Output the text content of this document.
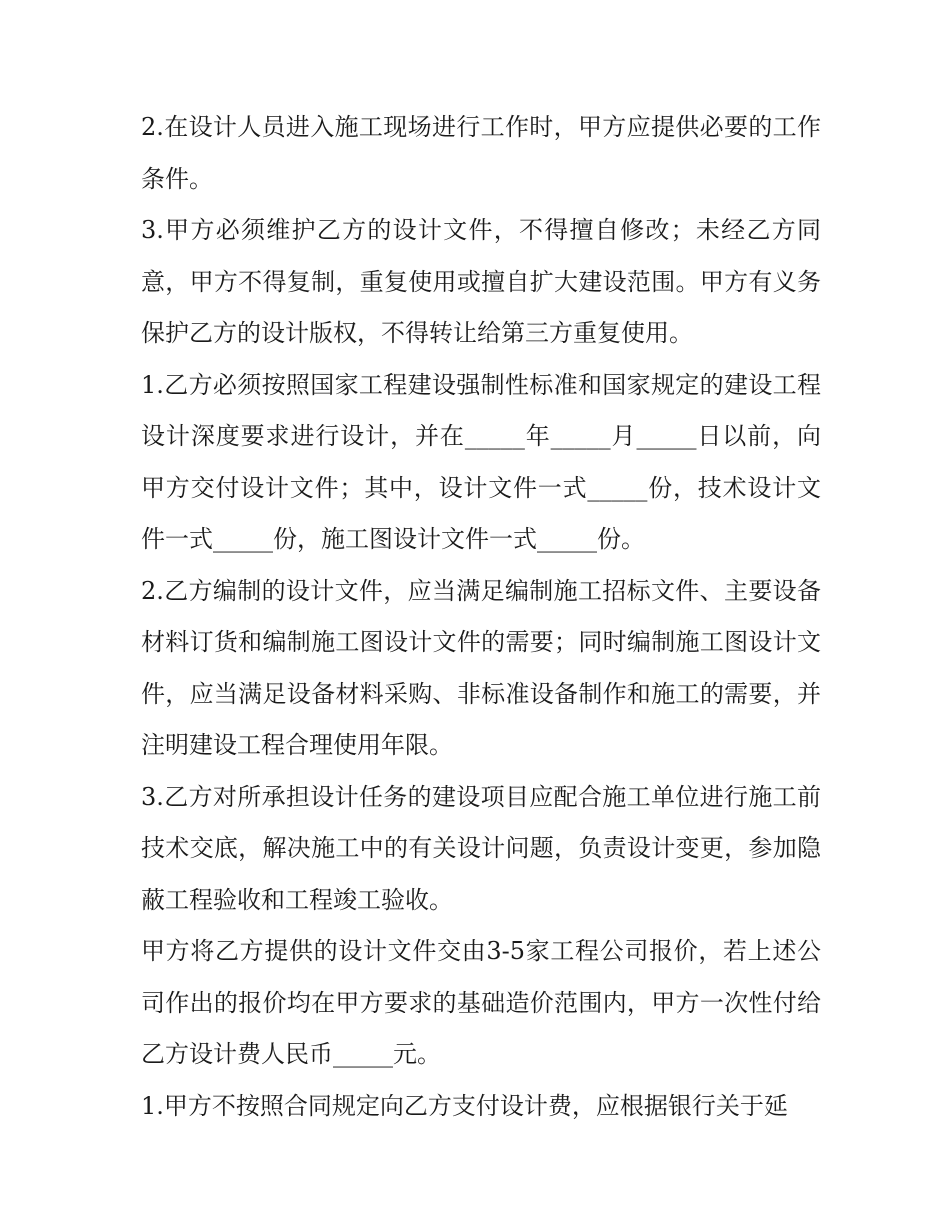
2.在设计人员进入施工现场进行工作时，甲方应提供必要的工作条件。

3.甲方必须维护乙方的设计文件，不得擅自修改；未经乙方同意，甲方不得复制，重复使用或擅自扩大建设范围。甲方有义务保护乙方的设计版权，不得转让给第三方重复使用。

1.乙方必须按照国家工程建设强制性标准和国家规定的建设工程设计深度要求进行设计，并在_____年_____月_____日以前，向甲方交付设计文件；其中，设计文件一式_____份，技术设计文件一式_____份，施工图设计文件一式_____份。

2.乙方编制的设计文件，应当满足编制施工招标文件、主要设备材料订货和编制施工图设计文件的需要；同时编制施工图设计文件，应当满足设备材料采购、非标准设备制作和施工的需要，并注明建设工程合理使用年限。

3.乙方对所承担设计任务的建设项目应配合施工单位进行施工前技术交底，解决施工中的有关设计问题，负责设计变更，参加隐蔽工程验收和工程竣工验收。

甲方将乙方提供的设计文件交由3-5家工程公司报价，若上述公司作出的报价均在甲方要求的基础造价范围内，甲方一次性付给乙方设计费人民币_____元。

1.甲方不按照合同规定向乙方支付设计费，应根据银行关于延
